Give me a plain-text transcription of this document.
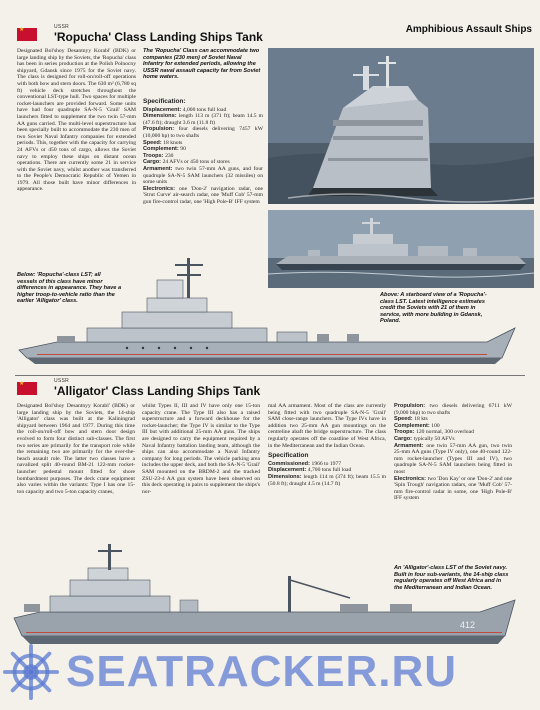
★
USSR
'Ropucha' Class Landing Ships Tank
Amphibious Assault Ships
Designated Bol'shoy Desantnyy Korabl' (BDK) or large landing ship by the Soviets, the 'Ropucha' class has been in series production at the Polish Polnocny shipyard, Gdansk since 1975 for the Soviet navy. The class is designed for roll-on/roll-off operations with both bow and stern doors. The 630 m² (6,780 sq ft) vehicle deck stretches throughout the conventional LST-type hull. Two spaces for multiple rocket-launchers are provided forward. Some units have had four quadruple SA-N-5 'Grail' SAM launchers fitted to supplement the two twin 57-mm AA guns carried. The multi-level superstructure has been specially built to accommodate the 230 men of two Soviet Naval Infantry companies for extended periods. This, together with the capacity for carrying 24 AFVs or 450 tons of cargo, allows the Soviet navy to employ these ships on distant ocean operations. There are currently some 21 in service with the Soviet navy, whilst another was transferred to the People's Democratic Republic of Yemen in 1979. All those built have minor differences in appearance.
The 'Ropucha' Class can accommodate two companies (230 men) of Soviet Naval Infantry for extended periods, allowing the USSR naval assault capacity far from Soviet home waters.

Specification:

Displacement: 4,000 tons full load

Dimensions: length 113 m (371 ft); beam 14.5 m (47.6 ft); draught 3.6 m (11.8 ft)

Propulsion: four diesels delivering 7457 kW (10,000 hp) to two shafts

Speed: 18 knots

Complement: 90

Troops: 230

Cargo: 24 AFVs or 450 tons of stores

Armament: two twin 57-mm AA guns, and four quadruple SA-N-5 SAM launchers (32 missiles) on some units

Electronics: one 'Don-2' navigation radar, one 'Strut Curve' air-search radar, one 'Muff Cob' 57-mm gun fire-control radar, one 'High Pole-B' IFF system

Below: 'Ropucha'-class LST; all vessels of this class have minor differences in appearance. They have a higher troop-to-vehicle ratio than the earlier 'Alligator' class.
Above: A starboard view of a 'Ropucha'-class LST. Latest intelligence estimates credit the Soviets with 21 of them in service, with more building in Gdansk, Poland.
★
USSR
'Alligator' Class Landing Ships Tank
Designated Bol'shoy Desantnyy Korabl' (BDK) or large landing ship by the Soviets, the 14-ship 'Alligator' class was built at the Kaliningrad shipyard between 1964 and 1977. During this time the roll-on/roll-off bow and stern door design evolved to form four distinct sub-classes. The first two series are primarily for the transport role while the remaining two are primarily for the over-the-beach assault role. The latter two classes have a navalized split 40-round BM-21 122-mm rocket-launcher pedestal mount fitted for shore bombardment purposes. The deck crane equipment also varies within the variants: Type I has one 15-ton capacity and two 5-ton capacity cranes,
whilst Types II, III and IV have only one 15-ton capacity crane. The Type III also has a raised superstructure and a forward deckhouse for the rocket-launcher; the Type IV is similar to the Type III but with additional 25-mm AA guns. The ships are designed to carry the equipment required by a Naval Infantry battalion landing team, although the ships can also accommodate a Naval Infantry company for long periods. The vehicle parking area includes the upper deck, and both the SA-N-5 'Grail' SAM mounted on the BRDM-2 and the tracked ZSU-23-4 AA gun system have been observed on this deck operating in pairs to supplement the ships's nor-
mal AA armament. Most of the class are currently being fitted with two quadruple SA-N-5 'Grail' SAM close-range launchers. The Type IVs have in addition two 25-mm AA gun mountings on the centreline abaft the bridge superstructure. The class regularly operates off the coastline of West Africa, in the Mediterranean and the Indian Ocean.

Specification

Commissioned: 1966 to 1977

Displacement: 4,700 tons full load

Dimensions: length 114 m (374 ft); beam 15.5 m (50.8 ft); draught 4.5 m (14.7 ft)

Propulsion: two diesels delivering 6711 kW (9,000 bhp) to two shafts

Speed: 18 kts

Complement: 100

Troops: 120 normal, 300 overload

Cargo: typically 50 AFVs

Armament: one twin 57-mm AA gun, two twin 25-mm AA guns (Type IV only), one 40-round 122-mm rocket-launcher (Types III and IV), two quadruple SA-N-5 SAM launchers being fitted in most

Electronics: two 'Don Kay' or one 'Don-2' and one 'Spin Trough' navigation radars, one 'Muff Cob' 57-mm fire-control radar in some, one 'High Pole-B' IFF system

An 'Alligator'-class LST of the Soviet navy. Built in four sub-variants, the 14-ship class regularly operates off West Africa and in the Mediterranean and Indian Ocean.
412
SEATRACKER.RU
